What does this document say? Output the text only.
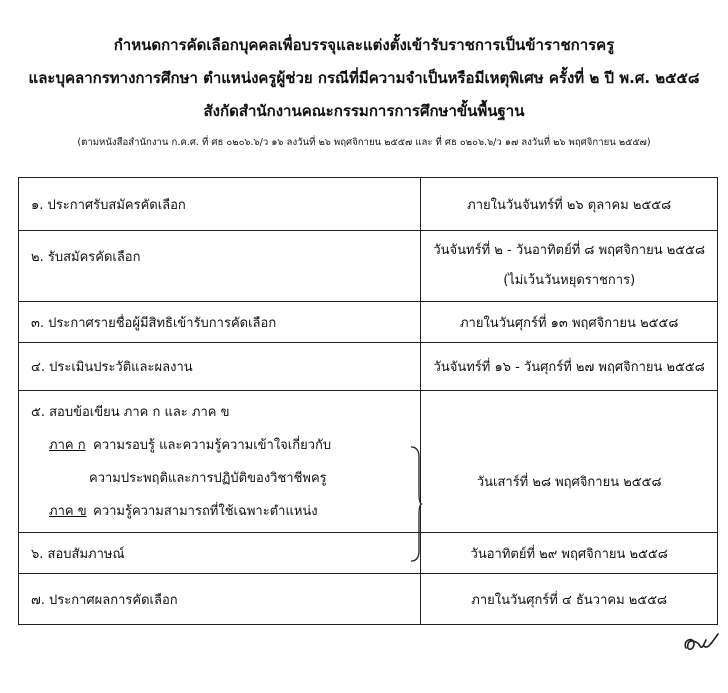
กำหนดการคัดเลือกบุคคลเพื่อบรรจุและแต่งตั้งเข้ารับราชการเป็นข้าราชการครู
และบุคลากรทางการศึกษา ตำแหน่งครูผู้ช่วย กรณีที่มีความจำเป็นหรือมีเหตุพิเศษ ครั้งที่ ๒ ปี พ.ศ. ๒๕๕๘
สังกัดสำนักงานคณะกรรมการการศึกษาขั้นพื้นฐาน
(ตามหนังสือสำนักงาน ก.ค.ศ. ที่ ศธ ๐๒๐๖.๖/ว ๑๖ ลงวันที่ ๒๖ พฤศจิกายน ๒๕๕๗ และ ที่ ศธ ๐๒๐๖.๖/ว ๑๗ ลงวันที่ ๒๖ พฤศจิกายน ๒๕๕๗)
๑. ประกาศรับสมัครคัดเลือก	ภายในวันจันทร์ที่ ๒๖ ตุลาคม ๒๕๕๘
๒. รับสมัครคัดเลือก	วันจันทร์ที่ ๒ - วันอาทิตย์ที่ ๘ พฤศจิกายน ๒๕๕๘
(ไม่เว้นวันหยุดราชการ)

๓. ประกาศรายชื่อผู้มีสิทธิเข้ารับการคัดเลือก	ภายในวันศุกร์ที่ ๑๓ พฤศจิกายน ๒๕๕๘
๔. ประเมินประวัติและผลงาน	วันจันทร์ที่ ๑๖ - วันศุกร์ที่ ๒๗ พฤศจิกายน ๒๕๕๘

๕. สอบข้อเขียน ภาค ก และ ภาค ข
ภาค ก ความรอบรู้ และความรู้ความเข้าใจเกี่ยวกับ
ความประพฤติและการปฏิบัติของวิชาชีพครู
ภาค ข ความรู้ความสามารถที่ใช้เฉพาะตำแหน่ง	วันเสาร์ที่ ๒๘ พฤศจิกายน ๒๕๕๘
๖. สอบสัมภาษณ์	วันอาทิตย์ที่ ๒๙ พฤศจิกายน ๒๕๕๘
๗. ประกาศผลการคัดเลือก	ภายในวันศุกร์ที่ ๔ ธันวาคม ๒๕๕๘
